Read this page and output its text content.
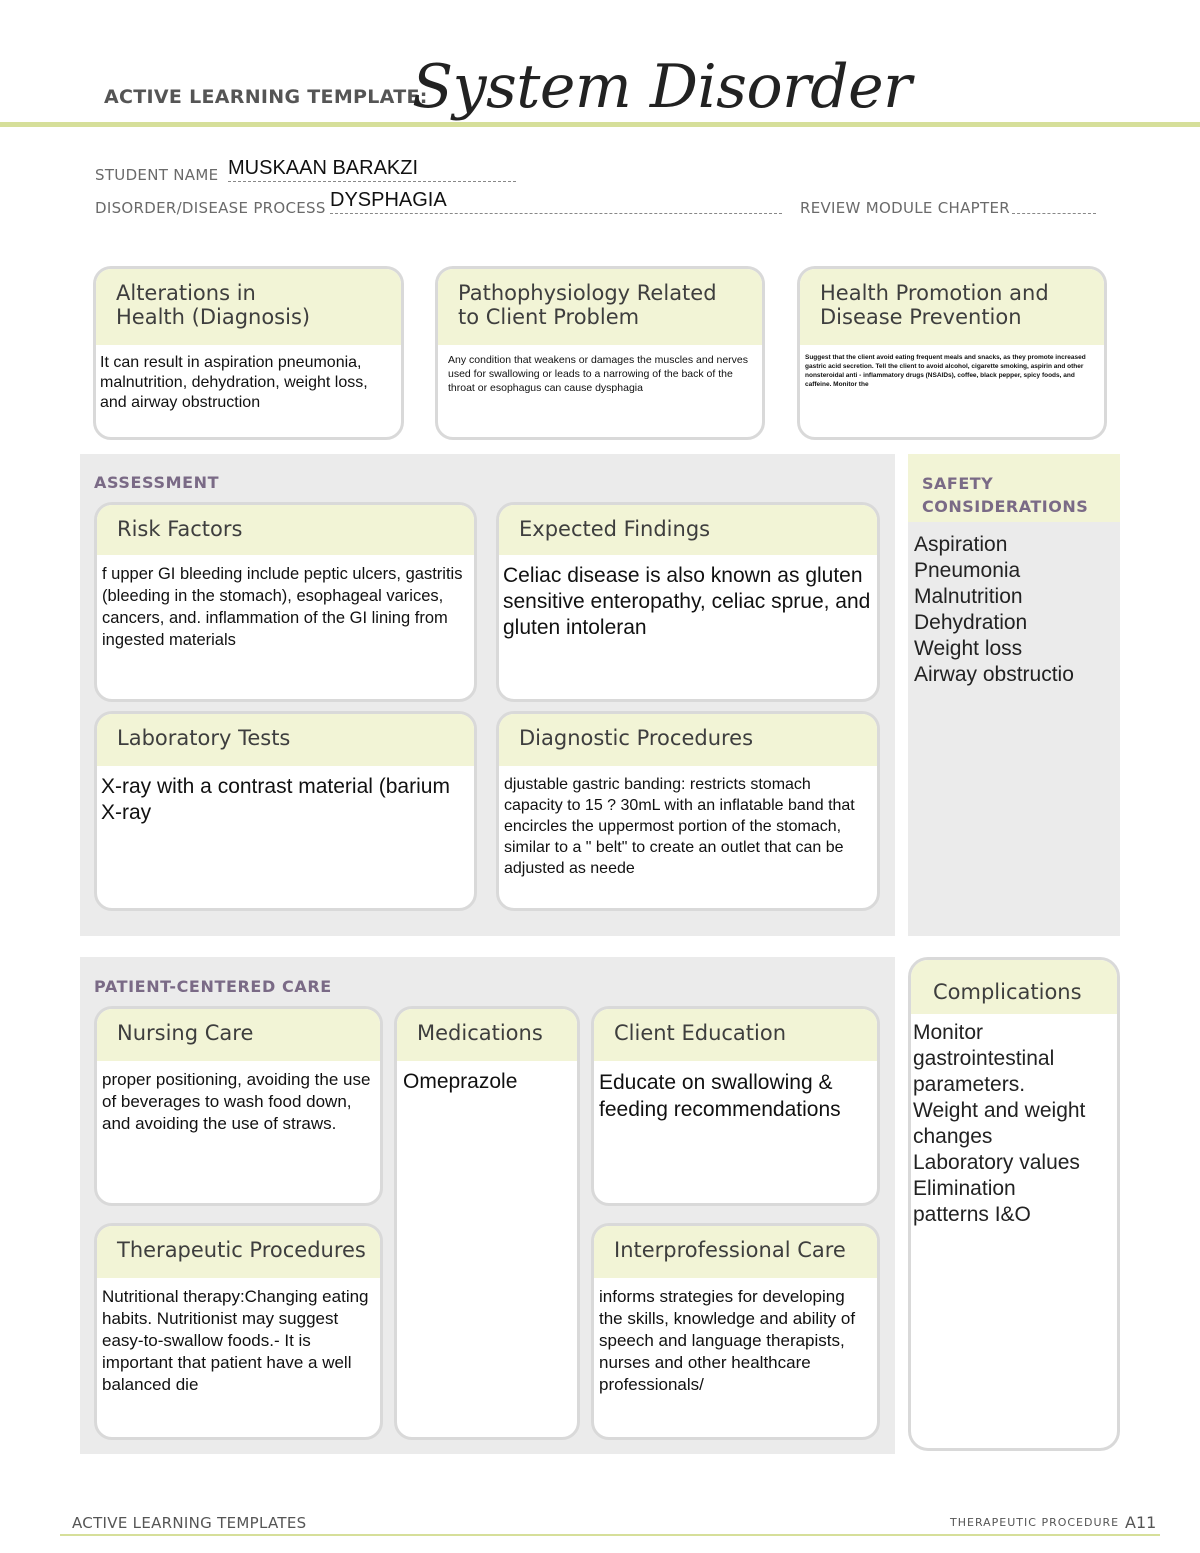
ACTIVE LEARNING TEMPLATE:
System Disorder
STUDENT NAME MUSKAAN BARAKZI
DISORDER/DISEASE PROCESS DYSPHAGIA	REVIEW MODULE CHAPTER
Alterations in
Health (Diagnosis)
It can result in aspiration pneumonia, malnutrition, dehydration, weight loss, and airway obstruction
Pathophysiology Related
to Client Problem
Any condition that weakens or damages the muscles and nerves used for swallowing or leads to a narrowing of the back of the throat or esophagus can cause dysphagia
Health Promotion and
Disease Prevention
Suggest that the client avoid eating frequent meals and snacks, as they promote increased gastric acid secretion. Tell the client to avoid alcohol, cigarette smoking, aspirin and other nonsteroidal anti - inflammatory drugs (NSAIDs), coffee, black pepper, spicy foods, and caffeine. Monitor the
ASSESSMENT
Risk Factors
f upper GI bleeding include peptic ulcers, gastritis (bleeding in the stomach), esophageal varices, cancers, and. inflammation of the GI lining from ingested materials
Expected Findings
Celiac disease is also known as gluten sensitive enteropathy, celiac sprue, and gluten intoleran
Laboratory Tests
X-ray with a contrast material (barium X-ray
Diagnostic Procedures
djustable gastric banding: restricts stomach capacity to 15 ? 30mL with an inflatable band that encircles the uppermost portion of the stomach, similar to a " belt" to create an outlet that can be adjusted as neede
SAFETY
CONSIDERATIONS
Aspiration
Pneumonia
Malnutrition
Dehydration
Weight loss
Airway obstructio
PATIENT-CENTERED CARE
Nursing Care
proper positioning, avoiding the use of beverages to wash food down, and avoiding the use of straws.
Medications
Omeprazole
Client Education
Educate on swallowing & feeding recommendations
Therapeutic Procedures
Nutritional therapy:Changing eating habits. Nutritionist may suggest easy-to-swallow foods.- It is important that patient have a well balanced die
Interprofessional Care
informs strategies for developing the skills, knowledge and ability of speech and language therapists, nurses and other healthcare professionals/
Complications
Monitor
gastrointestinal
parameters.
Weight and weight
changes
Laboratory values
Elimination
patterns I&O
ACTIVE LEARNING TEMPLATES	THERAPEUTIC PROCEDURE A11
